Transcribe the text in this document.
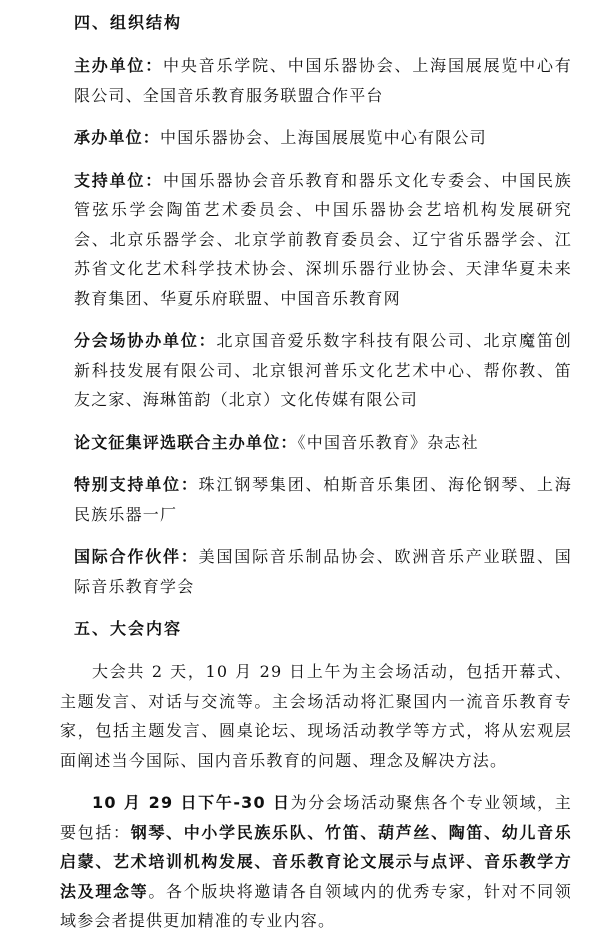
四、组织结构

主办单位：中央音乐学院、中国乐器协会、上海国展展览中心有限公司、全国音乐教育服务联盟合作平台

承办单位：中国乐器协会、上海国展展览中心有限公司

支持单位：中国乐器协会音乐教育和器乐文化专委会、中国民族管弦乐学会陶笛艺术委员会、中国乐器协会艺培机构发展研究会、北京乐器学会、北京学前教育委员会、辽宁省乐器学会、江苏省文化艺术科学技术协会、深圳乐器行业协会、天津华夏未来教育集团、华夏乐府联盟、中国音乐教育网

分会场协办单位：北京国音爱乐数字科技有限公司、北京魔笛创新科技发展有限公司、北京银河普乐文化艺术中心、帮你教、笛友之家、海琳笛韵（北京）文化传媒有限公司

论文征集评选联合主办单位：《中国音乐教育》杂志社

特别支持单位：珠江钢琴集团、柏斯音乐集团、海伦钢琴、上海民族乐器一厂

国际合作伙伴：美国国际音乐制品协会、欧洲音乐产业联盟、国际音乐教育学会

五、大会内容

大会共 2 天，10 月 29 日上午为主会场活动，包括开幕式、主题发言、对话与交流等。主会场活动将汇聚国内一流音乐教育专家，包括主题发言、圆桌论坛、现场活动教学等方式，将从宏观层面阐述当今国际、国内音乐教育的问题、理念及解决方法。

10 月 29 日下午-30 日为分会场活动聚焦各个专业领域，主要包括：钢琴、中小学民族乐队、竹笛、葫芦丝、陶笛、幼儿音乐启蒙、艺术培训机构发展、音乐教育论文展示与点评、音乐教学方法及理念等。各个版块将邀请各自领域内的优秀专家，针对不同领域参会者提供更加精准的专业内容。
